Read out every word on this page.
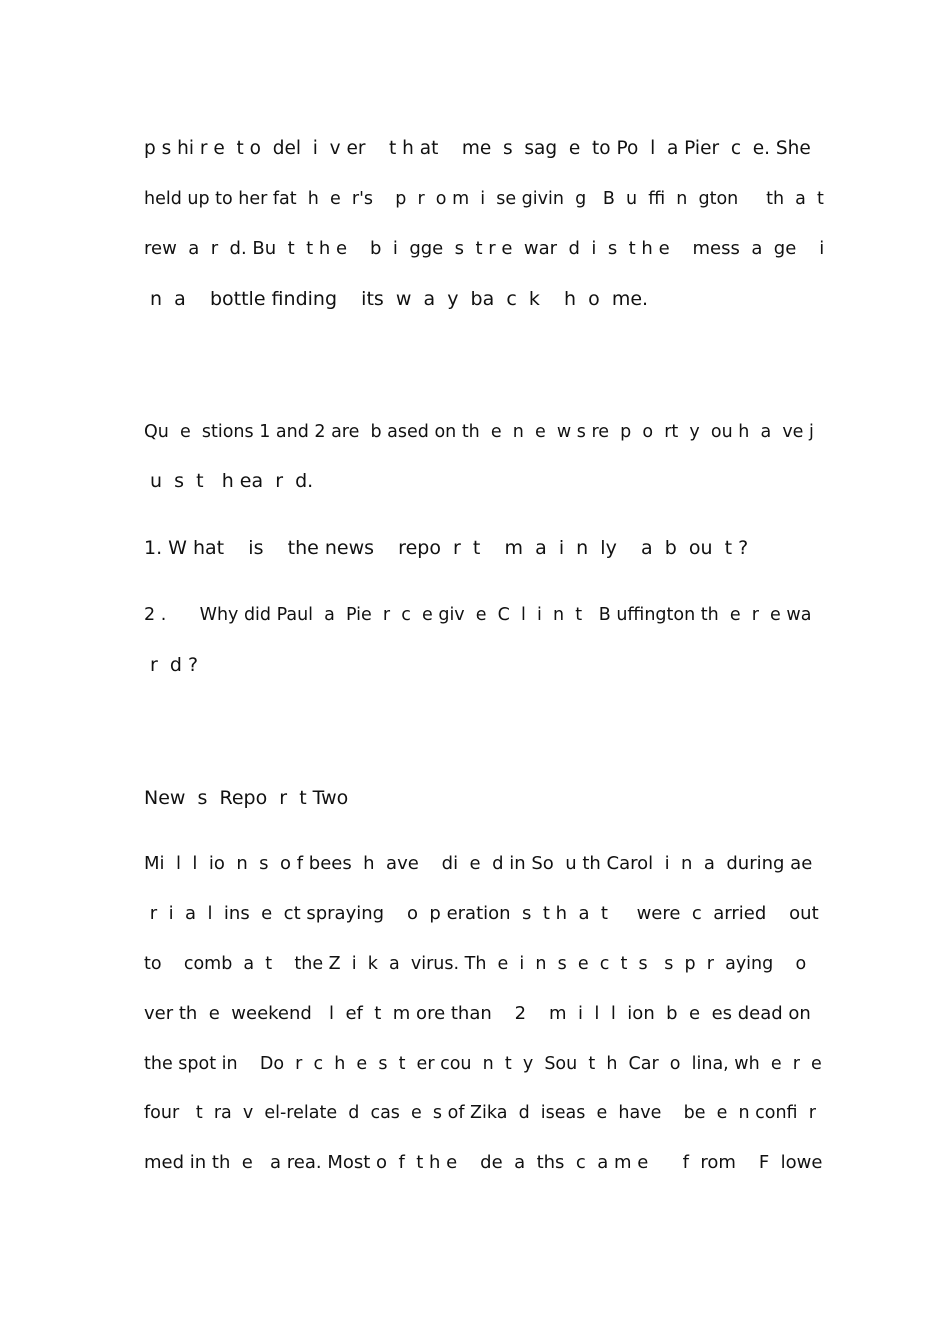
p s hi r e  t o  del  i  v er    t h at    me  s  sag  e  to Po  l  a Pier  c  e. She
held up to her fat  h  e  r's    p  r  o m  i  se givin  g   B  u  ffi  n  gton     th  a  t
rew  a  r  d. Bu  t  t h e    b  i  gge  s  t r e  war  d  i  s  t h e    mess  a  ge    i
n  a    bottle finding    its  w  a  y  ba  c  k    h  o  me.
Qu  e  stions 1 and 2 are  b ased on th  e  n  e  w s re  p  o  rt  y  ou h  a  ve j
u  s  t   h ea  r  d.
1. W hat    is    the news    repo  r  t    m  a  i  n  ly    a  b  ou  t ?
2 .      Why did Paul  a  Pie  r  c  e giv  e  C  l  i  n  t   B uffington th  e  r  e wa
r  d ?
New  s  Repo  r  t Two
Mi  l  l  io  n  s  o f bees  h  ave    di  e  d in So  u th Carol  i  n  a  during ae
r  i  a  l  ins  e  ct spraying    o  p eration  s  t h  a  t     were  c  arried    out
to    comb  a  t    the Z  i  k  a  virus. Th  e  i  n  s  e  c  t  s   s  p  r  aying    o
ver th  e  weekend   l  ef  t  m ore than    2    m  i  l  l  ion  b  e  es dead on
the spot in    Do  r  c  h  e  s  t  er cou  n  t  y  Sou  t  h  Car  o  lina, wh  e  r  e
four   t  ra  v  el-relate  d  cas  e  s of Zika  d  iseas  e  have    be  e  n confi  r
med in th  e   a rea. Most o  f  t h e    de  a  ths  c  a m e      f  rom    F  lowe
